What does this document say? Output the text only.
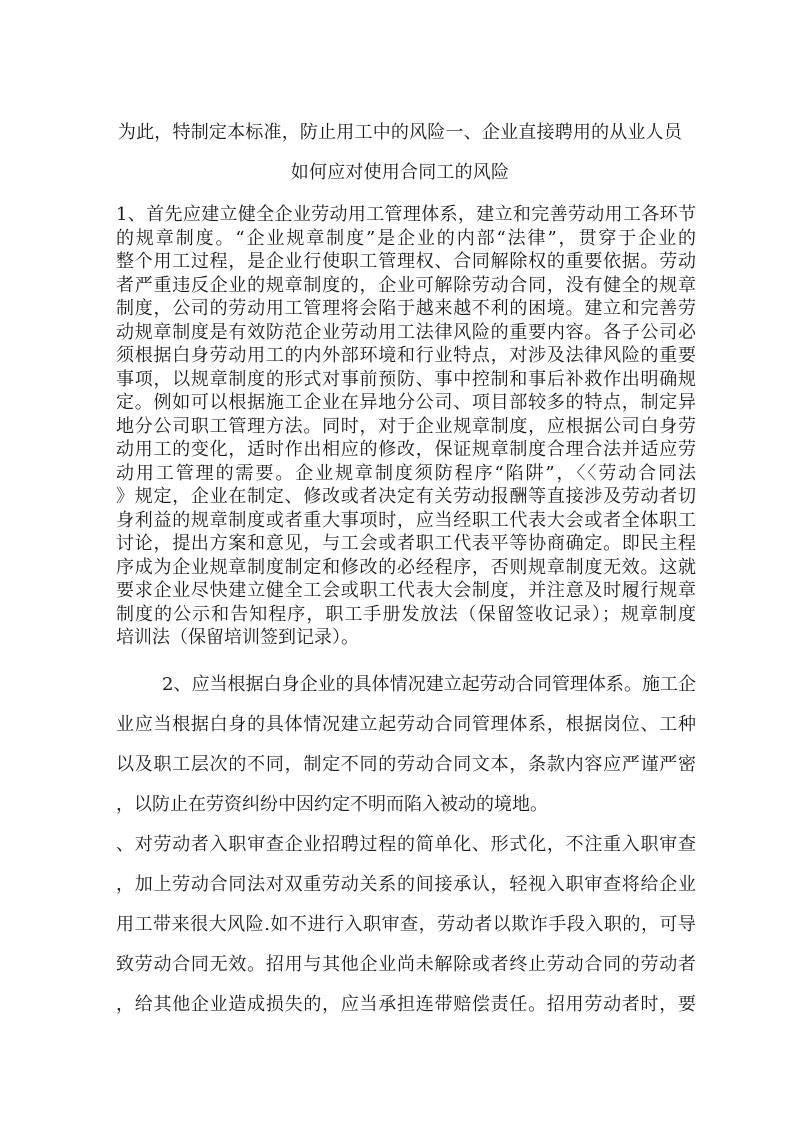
为此，特制定本标准，防止用工中的风险一、企业直接聘用的从业人员
如何应对使用合同工的风险
1、首先应建立健全企业劳动用工管理体系，建立和完善劳动用工各环节
的规章制度。“企业规章制度”是企业的内部“法律”，贯穿于企业的
整个用工过程，是企业行使职工管理权、合同解除权的重要依据。劳动
者严重违反企业的规章制度的，企业可解除劳动合同，没有健全的规章
制度，公司的劳动用工管理将会陷于越来越不利的困境。建立和完善劳
动规章制度是有效防范企业劳动用工法律风险的重要内容。各子公司必
须根据白身劳动用工的内外部环境和行业特点，对涉及法律风险的重要
事项，以规章制度的形式对事前预防、事中控制和事后补救作出明确规
定。例如可以根据施工企业在异地分公司、项目部较多的特点，制定异
地分公司职工管理方法。同时，对于企业规章制度，应根据公司白身劳
动用工的变化，适时作出相应的修改，保证规章制度合理合法并适应劳
动用工管理的需要。企业规章制度须防程序“陷阱”，〈〈劳动合同法
》规定，企业在制定、修改或者决定有关劳动报酬等直接涉及劳动者切
身利益的规章制度或者重大事项时，应当经职工代表大会或者全体职工
讨论，提出方案和意见，与工会或者职工代表平等协商确定。即民主程
序成为企业规章制度制定和修改的必经程序，否则规章制度无效。这就
要求企业尽快建立健全工会或职工代表大会制度，并注意及时履行规章
制度的公示和告知程序，职工手册发放法（保留签收记录）；规章制度
培训法（保留培训签到记录）。
2、应当根据白身企业的具体情况建立起劳动合同管理体系。施工企
业应当根据白身的具体情况建立起劳动合同管理体系，根据岗位、工种
以及职工层次的不同，制定不同的劳动合同文本，条款内容应严谨严密
，以防止在劳资纠纷中因约定不明而陷入被动的境地。
、对劳动者入职审查企业招聘过程的简单化、形式化，不注重入职审查
，加上劳动合同法对双重劳动关系的间接承认，轻视入职审查将给企业
用工带来很大风险.如不进行入职审查，劳动者以欺诈手段入职的，可导
致劳动合同无效。招用与其他企业尚未解除或者终止劳动合同的劳动者
，给其他企业造成损失的，应当承担连带赔偿责任。招用劳动者时，要
